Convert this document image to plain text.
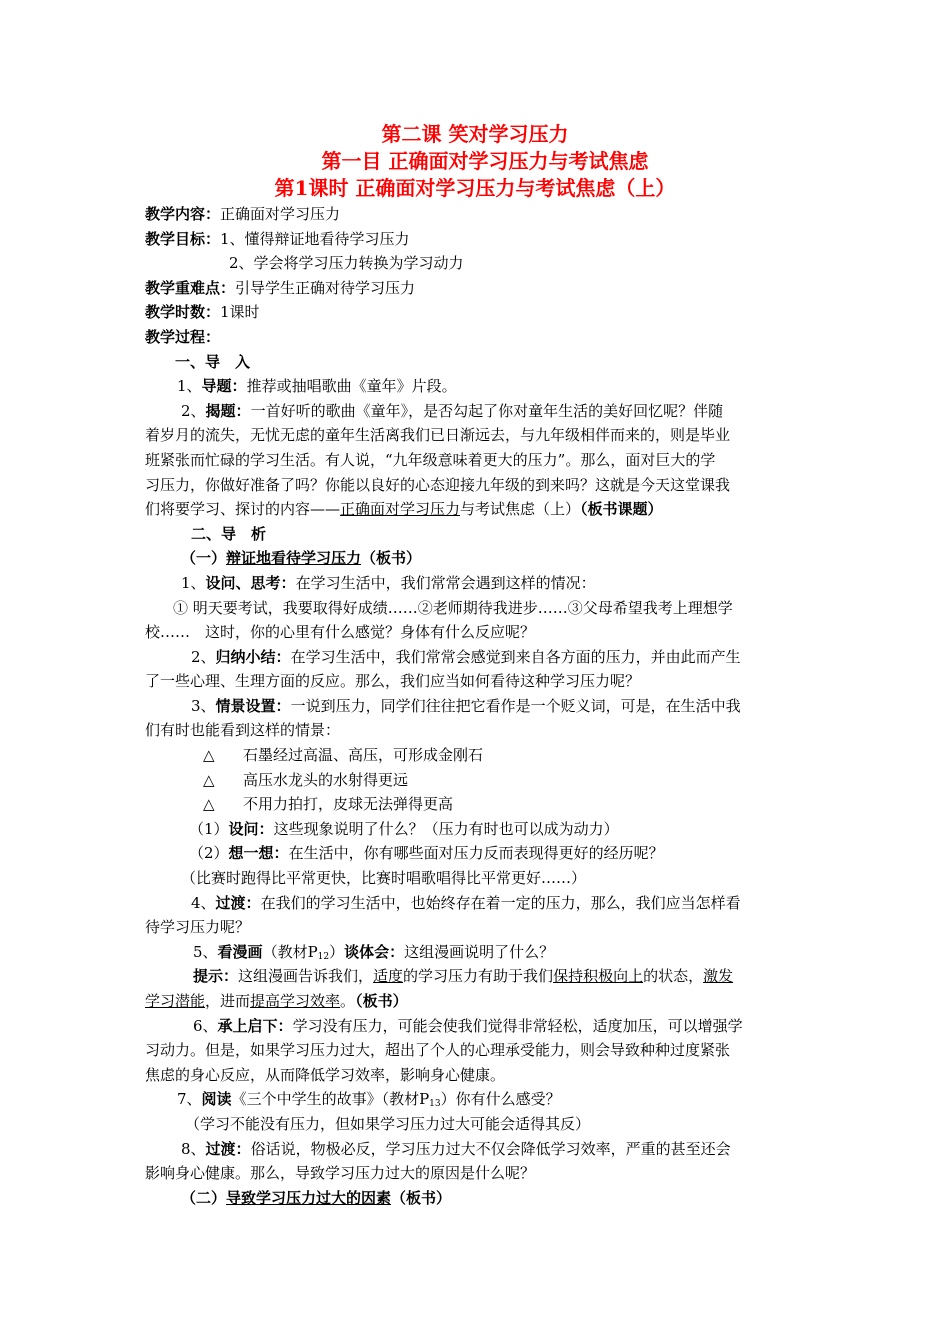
第二课 笑对学习压力
第一目 正确面对学习压力与考试焦虑
第1课时 正确面对学习压力与考试焦虑（上）
教学内容：正确面对学习压力
教学目标：1、懂得辩证地看待学习压力
2、学会将学习压力转换为学习动力
教学重难点：引导学生正确对待学习压力
教学时数：1课时
教学过程：
一、导　入
1、导题：推荐或抽唱歌曲《童年》片段。
2、揭题：一首好听的歌曲《童年》，是否勾起了你对童年生活的美好回忆呢？伴随
着岁月的流失，无忧无虑的童年生活离我们已日渐远去，与九年级相伴而来的，则是毕业
班紧张而忙碌的学习生活。有人说，“九年级意味着更大的压力”。那么，面对巨大的学
习压力，你做好准备了吗？你能以良好的心态迎接九年级的到来吗？这就是今天这堂课我
们将要学习、探讨的内容——正确面对学习压力与考试焦虑（上）（板书课题）
二、导　析
（一）辩证地看待学习压力（板书）
1、设问、思考：在学习生活中，我们常常会遇到这样的情况：
① 明天要考试，我要取得好成绩……②老师期待我进步……③父母希望我考上理想学
校……　这时，你的心里有什么感觉？身体有什么反应呢？
2、归纳小结：在学习生活中，我们常常会感觉到来自各方面的压力，并由此而产生
了一些心理、生理方面的反应。那么，我们应当如何看待这种学习压力呢？
3、情景设置：一说到压力，同学们往往把它看作是一个贬义词，可是，在生活中我
们有时也能看到这样的情景：
△ 石墨经过高温、高压，可形成金刚石
△ 高压水龙头的水射得更远
△ 不用力拍打，皮球无法弹得更高
（1）设问：这些现象说明了什么？（压力有时也可以成为动力）
（2）想一想：在生活中，你有哪些面对压力反而表现得更好的经历呢？
（比赛时跑得比平常更快，比赛时唱歌唱得比平常更好……）
4、过渡：在我们的学习生活中，也始终存在着一定的压力，那么，我们应当怎样看
待学习压力呢？
5、看漫画（教材$P_{12}$）谈体会：这组漫画说明了什么？
提示：这组漫画告诉我们，适度的学习压力有助于我们保持积极向上的状态，激发
学习潜能，进而提高学习效率。（板书）
6、承上启下：学习没有压力，可能会使我们觉得非常轻松，适度加压，可以增强学
习动力。但是，如果学习压力过大，超出了个人的心理承受能力，则会导致种种过度紧张
焦虑的身心反应，从而降低学习效率，影响身心健康。
7、阅读《三个中学生的故事》（教材$P_{13}$）你有什么感受？
（学习不能没有压力，但如果学习压力过大可能会适得其反）
8、过渡：俗话说，物极必反，学习压力过大不仅会降低学习效率，严重的甚至还会
影响身心健康。那么，导致学习压力过大的原因是什么呢？
（二）导致学习压力过大的因素（板书）
